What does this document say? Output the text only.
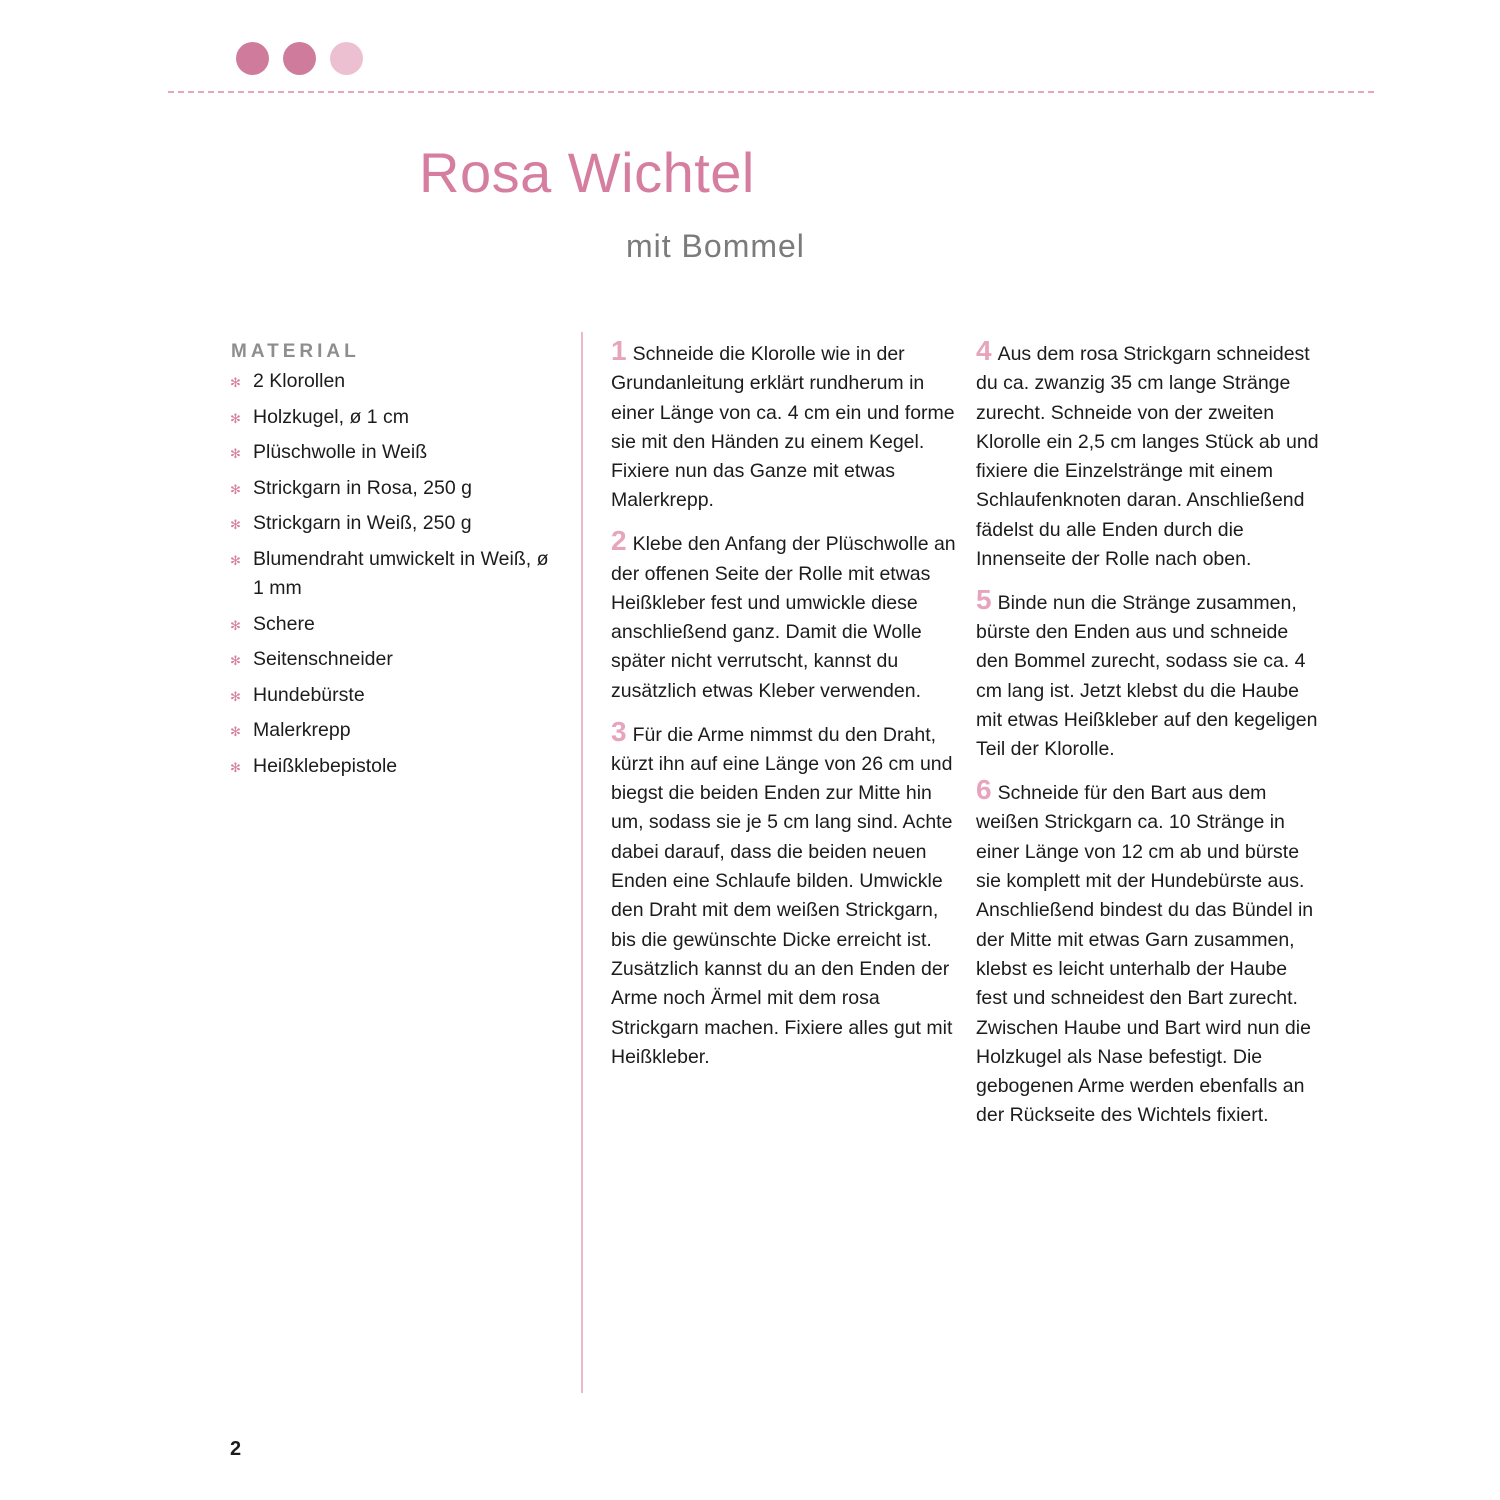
Rosa Wichtel
mit Bommel
MATERIAL
✻ 2 Klorollen
✻ Holzkugel, ø 1 cm
✻ Plüschwolle in Weiß
✻ Strickgarn in Rosa, 250 g
✻ Strickgarn in Weiß, 250 g
✻ Blumendraht umwickelt in Weiß, ø 1 mm
✻ Schere
✻ Seitenschneider
✻ Hundebürste
✻ Malerkrepp
✻ Heißklebepistole

1 Schneide die Klorolle wie in der Grundanleitung erklärt rundherum in einer Länge von ca. 4 cm ein und forme sie mit den Händen zu einem Kegel. Fixiere nun das Ganze mit etwas Malerkrepp.

2 Klebe den Anfang der Plüschwolle an der offenen Seite der Rolle mit etwas Heißkleber fest und umwickle diese anschließend ganz. Damit die Wolle später nicht verrutscht, kannst du zusätzlich etwas Kleber verwenden.

3 Für die Arme nimmst du den Draht, kürzt ihn auf eine Länge von 26 cm und biegst die beiden Enden zur Mitte hin um, sodass sie je 5 cm lang sind. Achte dabei darauf, dass die beiden neuen Enden eine Schlaufe bilden. Umwickle den Draht mit dem weißen Strickgarn, bis die gewünschte Dicke erreicht ist. Zusätzlich kannst du an den Enden der Arme noch Ärmel mit dem rosa Strickgarn machen. Fixiere alles gut mit Heißkleber.

4 Aus dem rosa Strickgarn schneidest du ca. zwanzig 35 cm lange Stränge zurecht. Schneide von der zweiten Klorolle ein 2,5 cm langes Stück ab und fixiere die Einzelstränge mit einem Schlaufenknoten daran. Anschließend fädelst du alle Enden durch die Innenseite der Rolle nach oben.

5 Binde nun die Stränge zusammen, bürste den Enden aus und schneide den Bommel zurecht, sodass sie ca. 4 cm lang ist. Jetzt klebst du die Haube mit etwas Heißkleber auf den kegeligen Teil der Klorolle.

6 Schneide für den Bart aus dem weißen Strickgarn ca. 10 Stränge in einer Länge von 12 cm ab und bürste sie komplett mit der Hundebürste aus. Anschließend bindest du das Bündel in der Mitte mit etwas Garn zusammen, klebst es leicht unterhalb der Haube fest und schneidest den Bart zurecht. Zwischen Haube und Bart wird nun die Holzkugel als Nase befestigt. Die gebogenen Arme werden ebenfalls an der Rückseite des Wichtels fixiert.

2
